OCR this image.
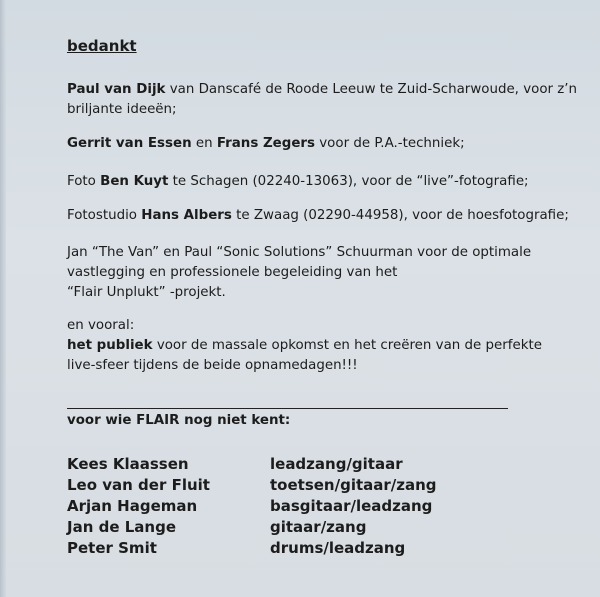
bedankt
Paul van Dijk van Danscafé de Roode Leeuw te Zuid-Scharwoude, voor z’n
briljante ideeën;
Gerrit van Essen en Frans Zegers voor de P.A.-techniek;
Foto Ben Kuyt te Schagen (02240-13063), voor de “live”-fotografie;
Fotostudio Hans Albers te Zwaag (02290-44958), voor de hoesfotografie;
Jan “The Van” en Paul “Sonic Solutions” Schuurman voor de optimale
vastlegging en professionele begeleiding van het
“Flair Unplukt” -projekt.
en vooral:
het publiek voor de massale opkomst en het creëren van de perfekte
live-sfeer tijdens de beide opnamedagen!!!
voor wie FLAIR nog niet kent:
Kees Klaassen	leadzang/gitaar
Leo van der Fluit	toetsen/gitaar/zang
Arjan Hageman	basgitaar/leadzang
Jan de Lange	gitaar/zang
Peter Smit	drums/leadzang
